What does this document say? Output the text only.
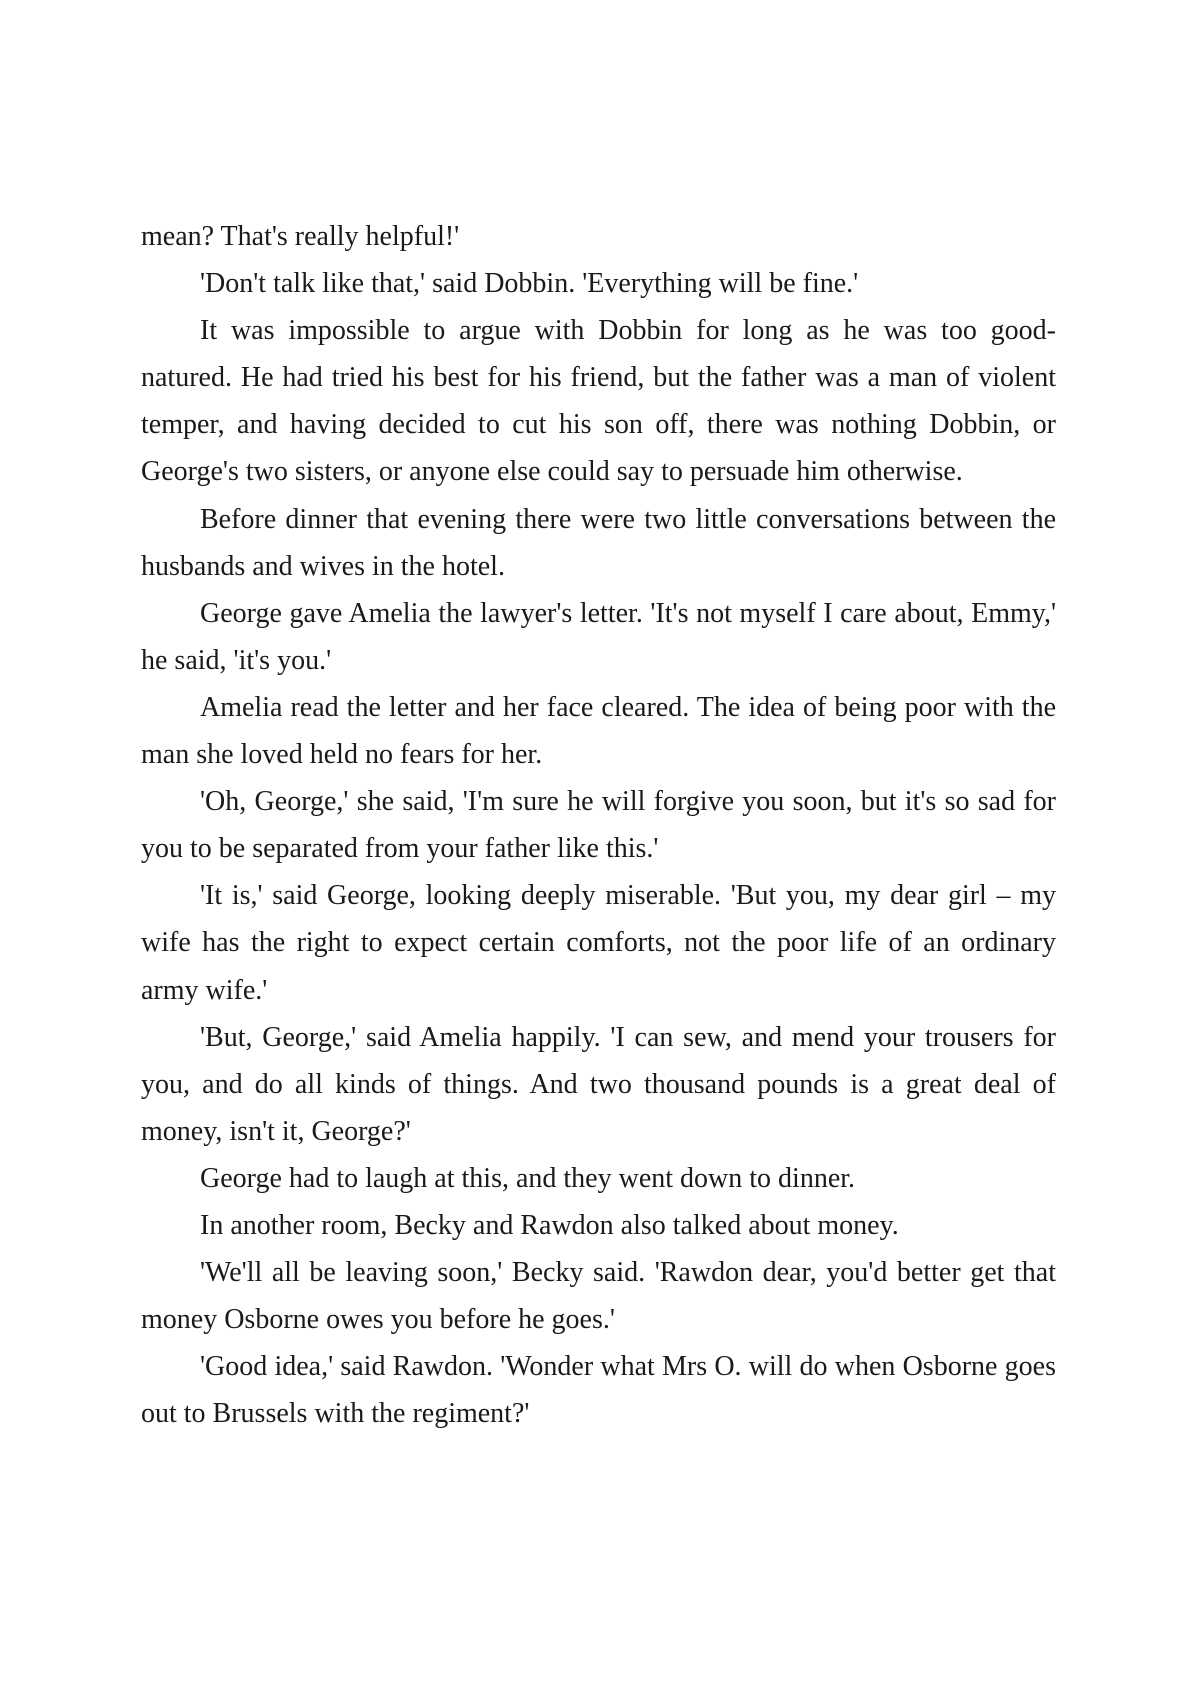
mean? That's really helpful!'

'Don't talk like that,' said Dobbin. 'Everything will be fine.'

It was impossible to argue with Dobbin for long as he was too good-natured. He had tried his best for his friend, but the father was a man of violent temper, and having decided to cut his son off, there was nothing Dobbin, or George's two sisters, or anyone else could say to persuade him otherwise.

Before dinner that evening there were two little conversations between the husbands and wives in the hotel.

George gave Amelia the lawyer's letter. 'It's not myself I care about, Emmy,' he said, 'it's you.'

Amelia read the letter and her face cleared. The idea of being poor with the man she loved held no fears for her.

'Oh, George,' she said, 'I'm sure he will forgive you soon, but it's so sad for you to be separated from your father like this.'

'It is,' said George, looking deeply miserable. 'But you, my dear girl – my wife has the right to expect certain comforts, not the poor life of an ordinary army wife.'

'But, George,' said Amelia happily. 'I can sew, and mend your trousers for you, and do all kinds of things. And two thousand pounds is a great deal of money, isn't it, George?'

George had to laugh at this, and they went down to dinner.

In another room, Becky and Rawdon also talked about money.

'We'll all be leaving soon,' Becky said. 'Rawdon dear, you'd better get that money Osborne owes you before he goes.'

'Good idea,' said Rawdon. 'Wonder what Mrs O. will do when Osborne goes out to Brussels with the regiment?'
